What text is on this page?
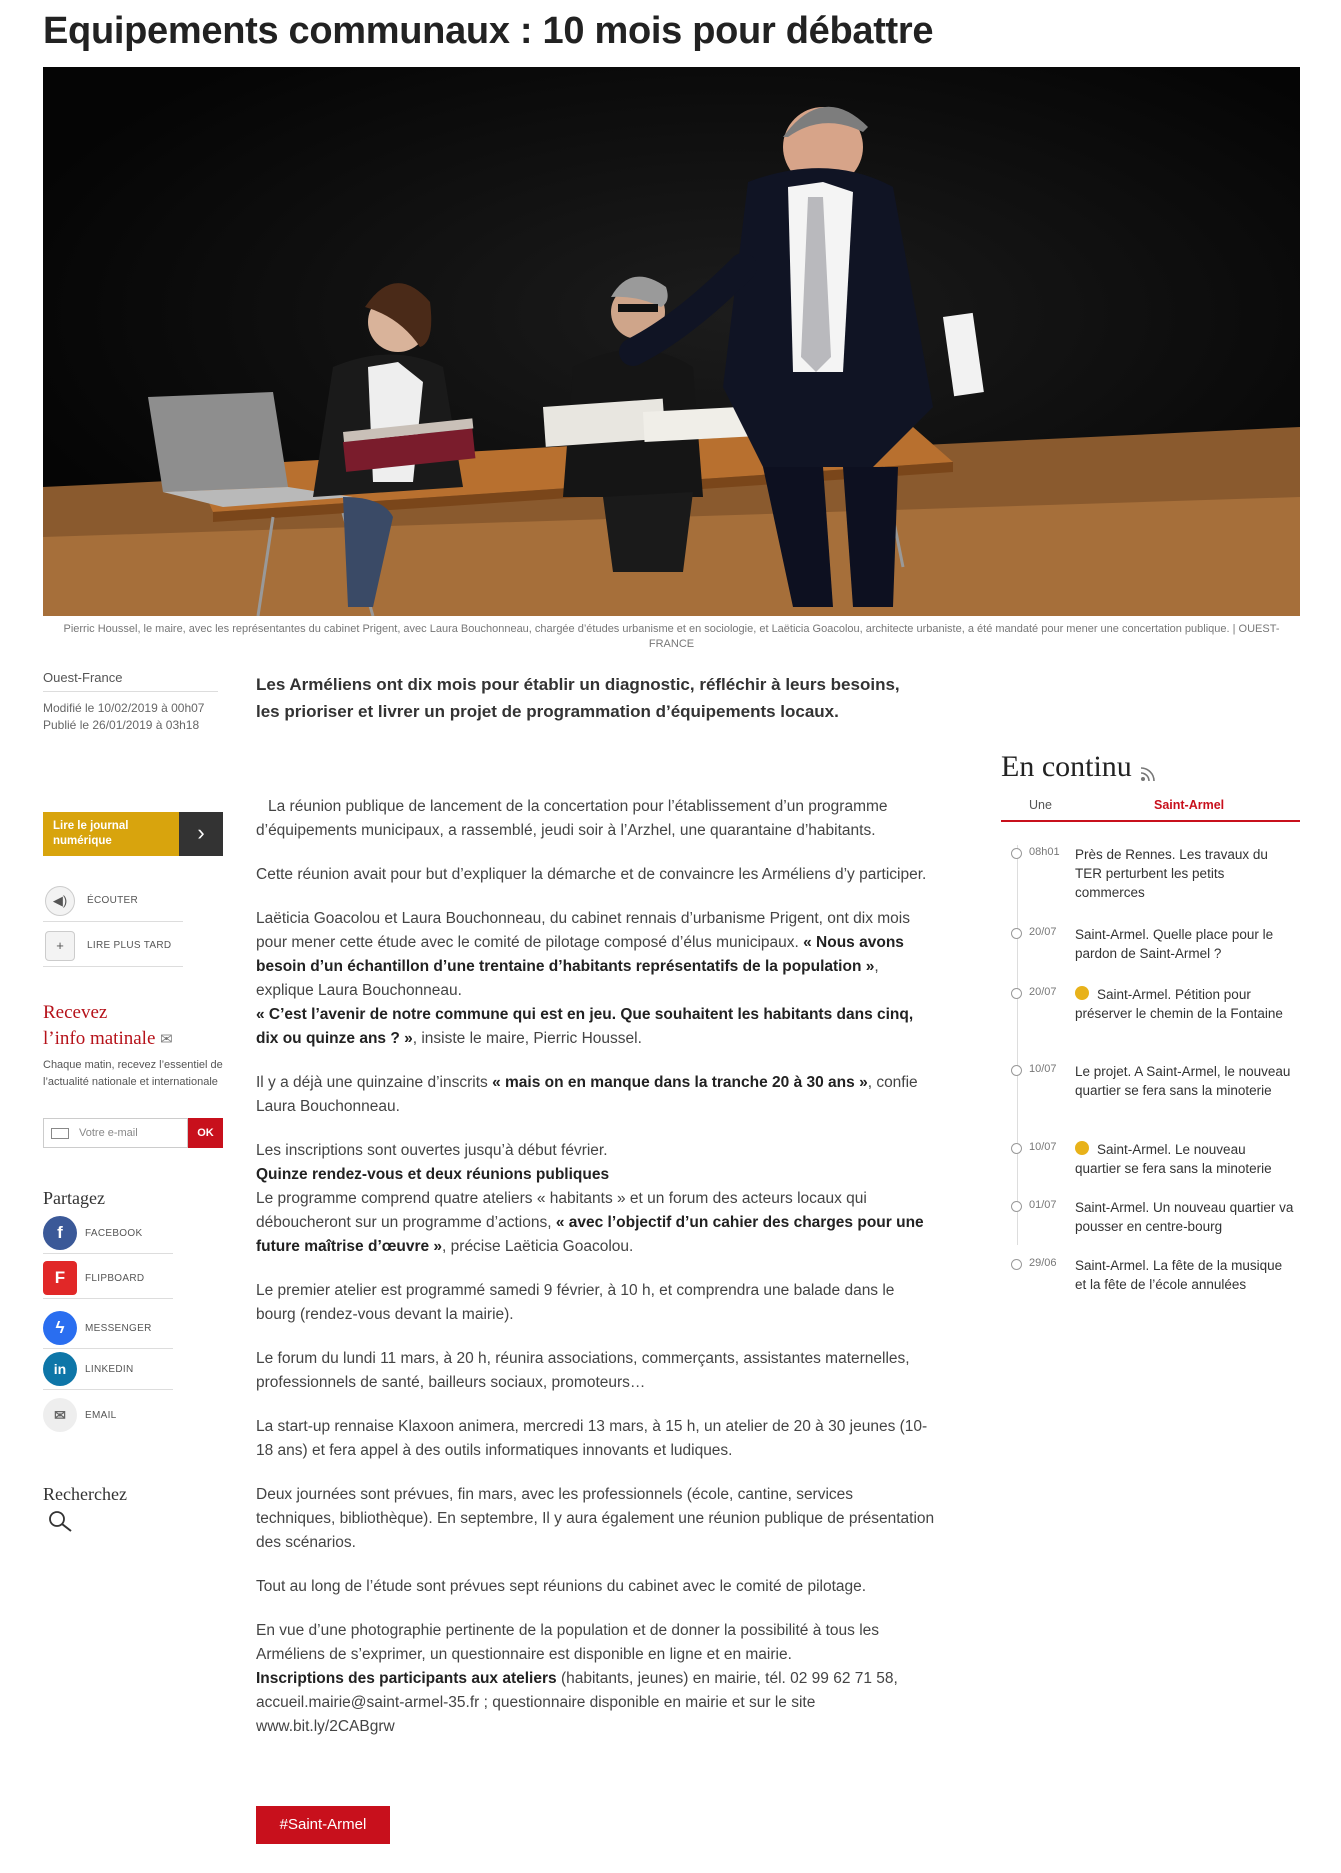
Equipements communaux : 10 mois pour débattre
Pierric Houssel, le maire, avec les représentantes du cabinet Prigent, avec Laura Bouchonneau, chargée d’études urbanisme et en sociologie, et Laëticia Goacolou, architecte urbaniste, a été mandaté pour mener une concertation publique. | OUEST-FRANCE
Ouest-France
Modifié le 10/02/2019 à 00h07
Publié le 26/01/2019 à 03h18
Lire le journal numérique	›
◀)	ÉCOUTER
+	LIRE PLUS TARD
Recevez
l’info matinale ✉
Chaque matin, recevez l’essentiel de l’actualité nationale et internationale
Votre e-mail	OK
Partagez
f	FACEBOOK
F	FLIPBOARD
ϟ	MESSENGER
in	LINKEDIN
✉	EMAIL
Recherchez
Les Arméliens ont dix mois pour établir un diagnostic, réfléchir à leurs besoins, les prioriser et livrer un projet de programmation d’équipements locaux.

La réunion publique de lancement de la concertation pour l’établissement d’un programme d’équipements municipaux, a rassemblé, jeudi soir à l’Arzhel, une quarantaine d’habitants.

Cette réunion avait pour but d’expliquer la démarche et de convaincre les Arméliens d’y participer.

Laëticia Goacolou et Laura Bouchonneau, du cabinet rennais d’urbanisme Prigent, ont dix mois pour mener cette étude avec le comité de pilotage composé d’élus municipaux. « Nous avons besoin d’un échantillon d’une trentaine d’habitants représentatifs de la population », explique Laura Bouchonneau.
« C’est l’avenir de notre commune qui est en jeu. Que souhaitent les habitants dans cinq, dix ou quinze ans ? », insiste le maire, Pierric Houssel.

Il y a déjà une quinzaine d’inscrits « mais on en manque dans la tranche 20 à 30 ans », confie Laura Bouchonneau.

Les inscriptions sont ouvertes jusqu’à début février.
Quinze rendez-vous et deux réunions publiques
Le programme comprend quatre ateliers « habitants » et un forum des acteurs locaux qui déboucheront sur un programme d’actions, « avec l’objectif d’un cahier des charges pour une future maîtrise d’œuvre », précise Laëticia Goacolou.

Le premier atelier est programmé samedi 9 février, à 10 h, et comprendra une balade dans le bourg (rendez-vous devant la mairie).

Le forum du lundi 11 mars, à 20 h, réunira associations, commerçants, assistantes maternelles, professionnels de santé, bailleurs sociaux, promoteurs…

La start-up rennaise Klaxoon animera, mercredi 13 mars, à 15 h, un atelier de 20 à 30 jeunes (10-18 ans) et fera appel à des outils informatiques innovants et ludiques.

Deux journées sont prévues, fin mars, avec les professionnels (école, cantine, services techniques, bibliothèque). En septembre, Il y aura également une réunion publique de présentation des scénarios.

Tout au long de l’étude sont prévues sept réunions du cabinet avec le comité de pilotage.

En vue d’une photographie pertinente de la population et de donner la possibilité à tous les Arméliens de s’exprimer, un questionnaire est disponible en ligne et en mairie.
Inscriptions des participants aux ateliers (habitants, jeunes) en mairie, tél. 02 99 62 71 58, accueil.mairie@saint-armel-35.fr ; questionnaire disponible en mairie et sur le site www.bit.ly/2CABgrw

#Saint-Armel
En continu
Une	Saint-Armel
08h01 Près de Rennes. Les travaux du TER perturbent les petits commerces
20/07 Saint-Armel. Quelle place pour le pardon de Saint-Armel ?
20/07	Saint-Armel. Pétition pour préserver le chemin de la Fontaine
10/07 Le projet. A Saint-Armel, le nouveau quartier se fera sans la minoterie
10/07	Saint-Armel. Le nouveau quartier se fera sans la minoterie
01/07 Saint-Armel. Un nouveau quartier va pousser en centre-bourg
29/06 Saint-Armel. La fête de la musique et la fête de l’école annulées
